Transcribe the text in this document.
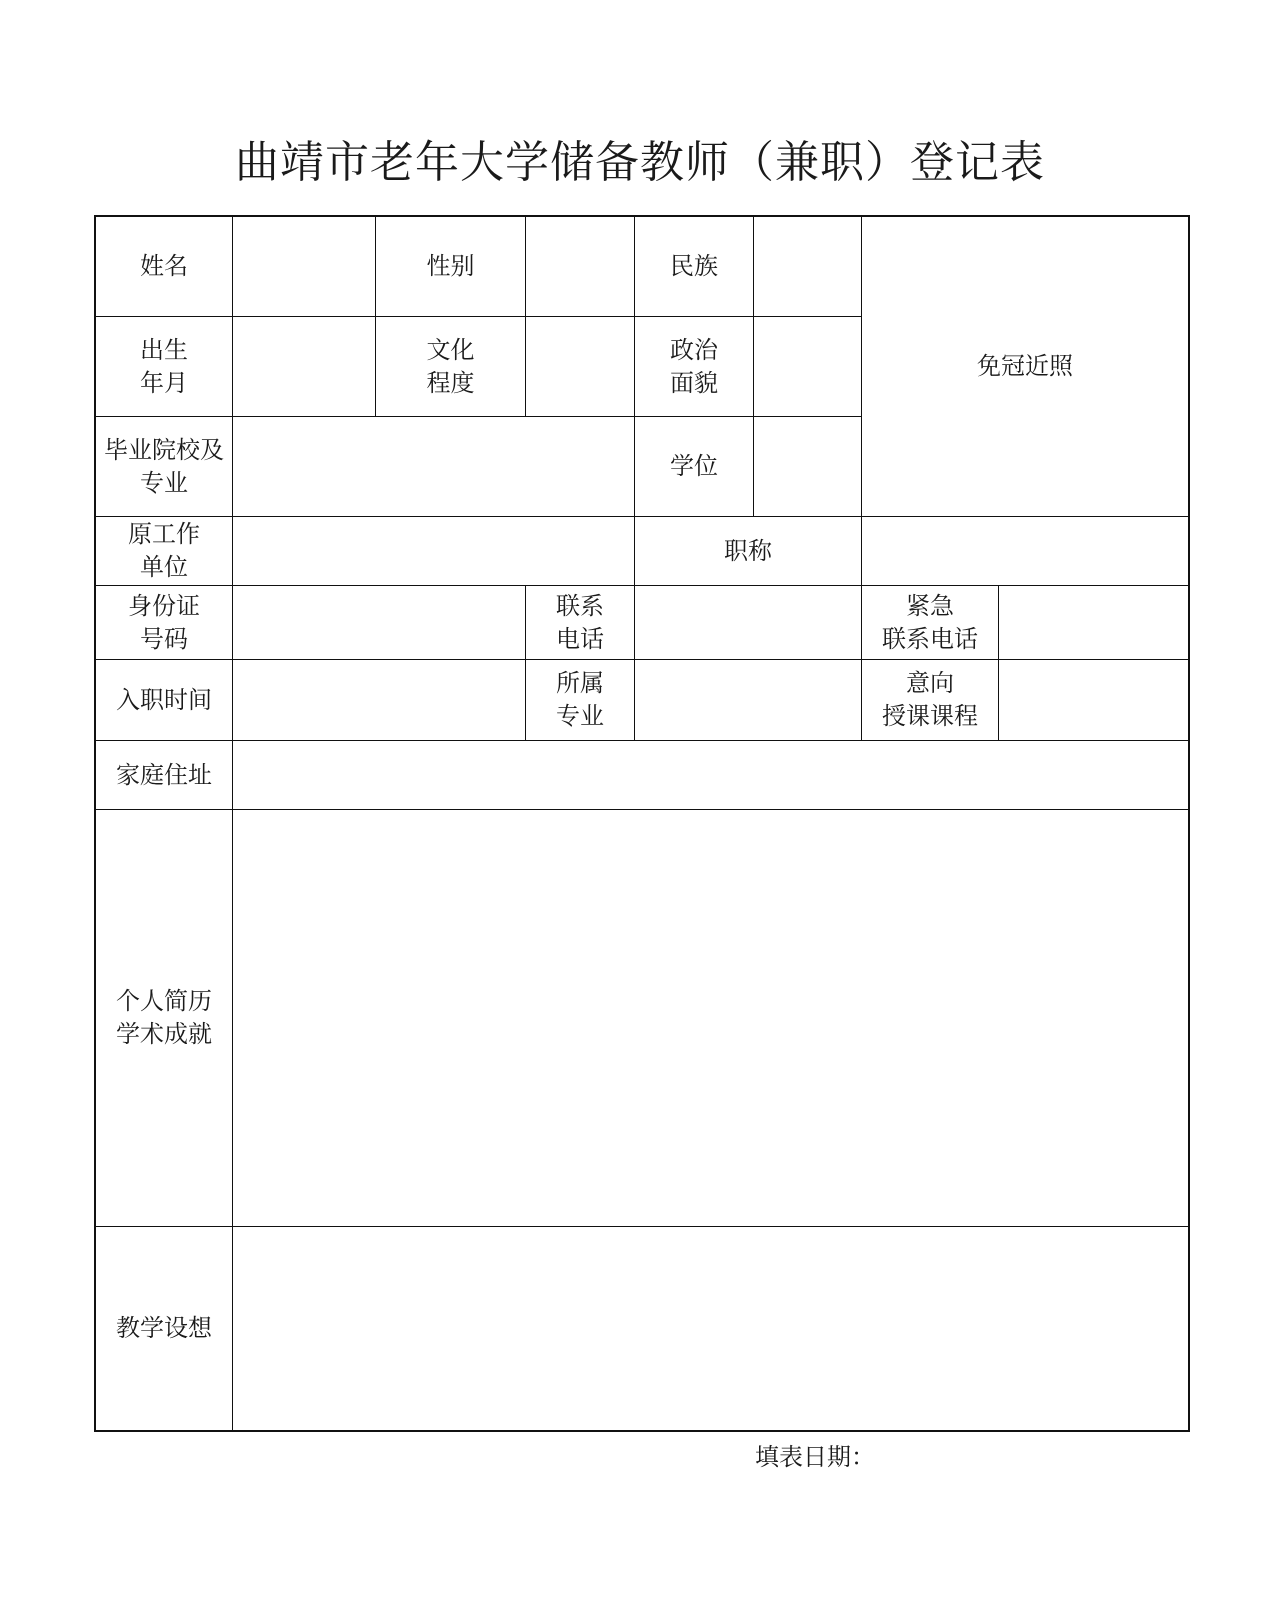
曲靖市老年大学储备教师（兼职）登记表
姓名	性别	民族
免冠近照
出生
年月
文化
程度
政治
面貌
毕业院校及
专业
学位
原工作
单位
职称
身份证
号码
联系
电话
紧急
联系电话
入职时间
所属
专业
意向
授课课程
家庭住址
个人简历
学术成就
教学设想
填表日期：
